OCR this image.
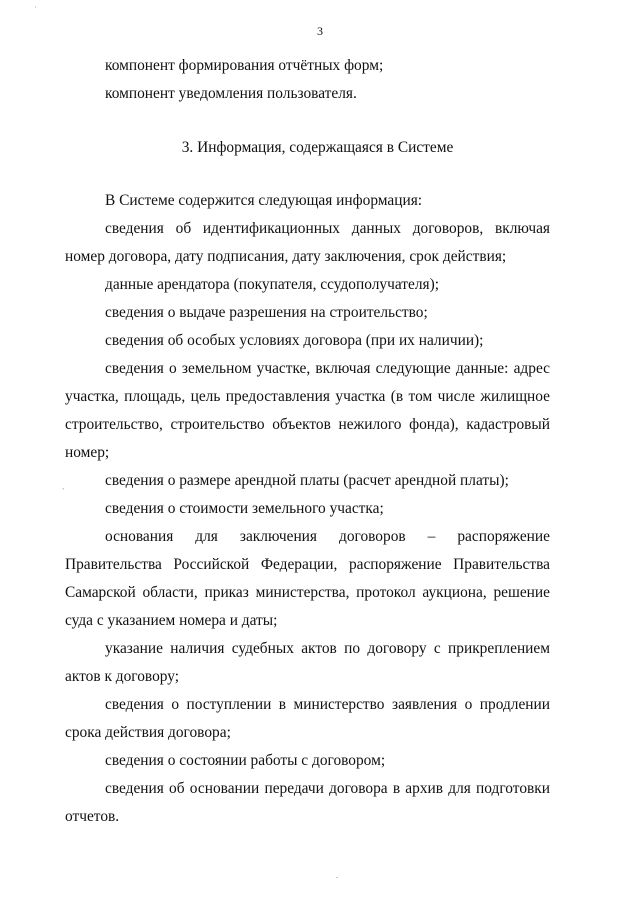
3

компонент формирования отчётных форм;

компонент уведомления пользователя.

3. Информация, содержащаяся в Системе

В Системе содержится следующая информация:

сведения об идентификационных данных договоров, включая номер договора, дату подписания, дату заключения, срок действия;

данные арендатора (покупателя, ссудополучателя);

сведения о выдаче разрешения на строительство;

сведения об особых условиях договора (при их наличии);

сведения о земельном участке, включая следующие данные: адрес участка, площадь, цель предоставления участка (в том числе жилищное строительство, строительство объектов нежилого фонда), кадастровый номер;

сведения о размере арендной платы (расчет арендной платы);

сведения о стоимости земельного участка;

основания для заключения договоров – распоряжение Правительства Российской Федерации, распоряжение Правительства Самарской области, приказ министерства, протокол аукциона, решение суда с указанием номера и даты;

указание наличия судебных актов по договору с прикреплением актов к договору;

сведения о поступлении в министерство заявления о продлении срока действия договора;

сведения о состоянии работы с договором;

сведения об основании передачи договора в архив для подготовки отчетов.

˙
`
.
